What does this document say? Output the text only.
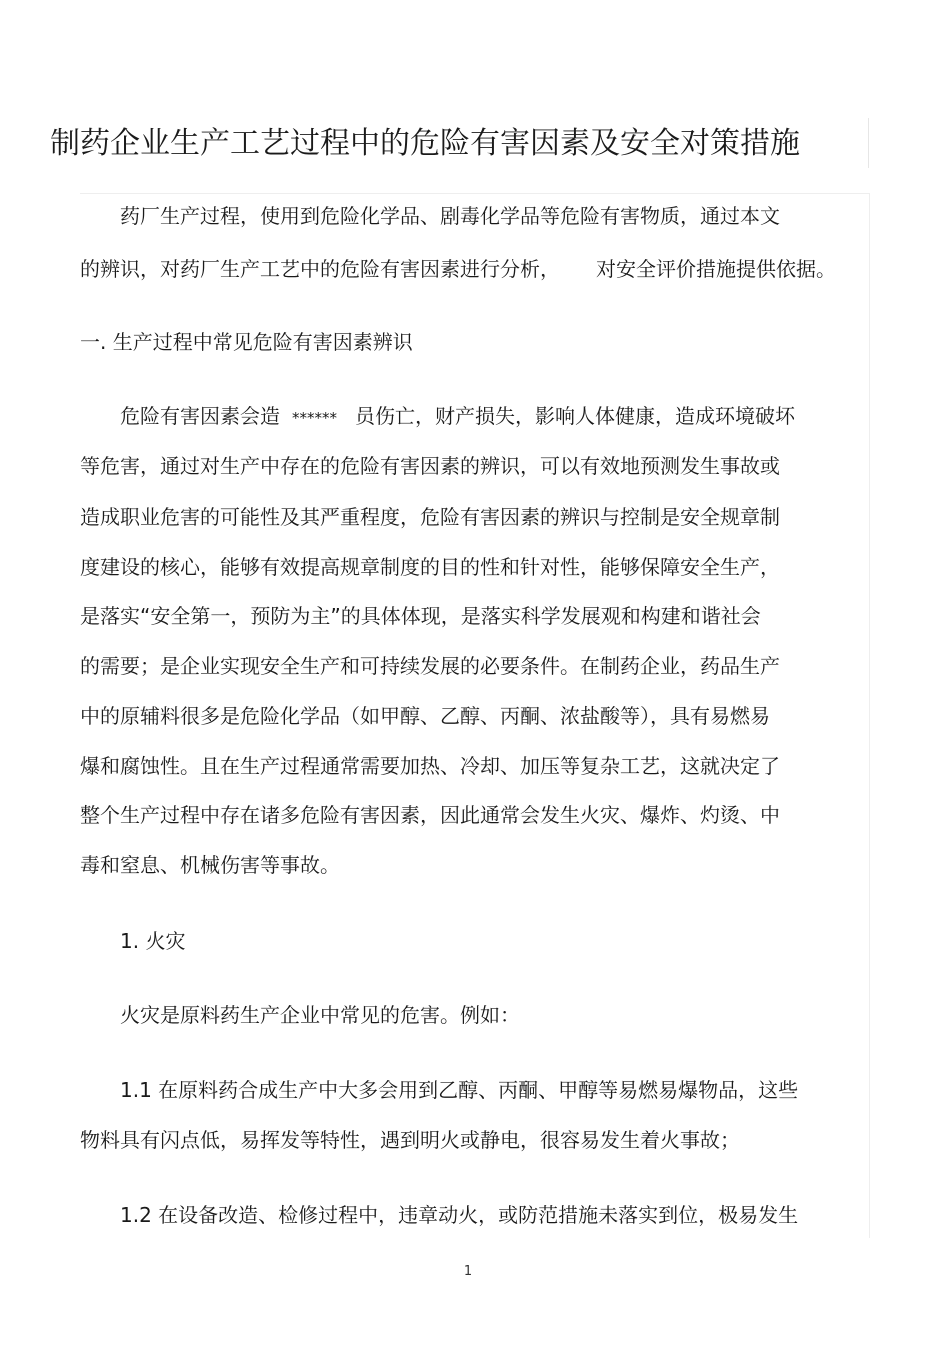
制药企业生产工艺过程中的危险有害因素及安全对策措施

药厂生产过程，使用到危险化学品、剧毒化学品等危险有害物质，通过本文

的辨识，对药厂生产工艺中的危险有害因素进行分析， 对安全评价措施提供依据。

一. 生产过程中常见危险有害因素辨识

危险有害因素会造 ****** 员伤亡，财产损失，影响人体健康，造成环境破坏

等危害，通过对生产中存在的危险有害因素的辨识，可以有效地预测发生事故或

造成职业危害的可能性及其严重程度，危险有害因素的辨识与控制是安全规章制

度建设的核心，能够有效提高规章制度的目的性和针对性，能够保障安全生产，

是落实“安全第一，预防为主”的具体体现，是落实科学发展观和构建和谐社会

的需要；是企业实现安全生产和可持续发展的必要条件。在制药企业，药品生产

中的原辅料很多是危险化学品（如甲醇、乙醇、丙酮、浓盐酸等），具有易燃易

爆和腐蚀性。且在生产过程通常需要加热、冷却、加压等复杂工艺，这就决定了

整个生产过程中存在诸多危险有害因素，因此通常会发生火灾、爆炸、灼烫、中

毒和窒息、机械伤害等事故。

1. 火灾

火灾是原料药生产企业中常见的危害。例如：

1.1 在原料药合成生产中大多会用到乙醇、丙酮、甲醇等易燃易爆物品，这些

物料具有闪点低，易挥发等特性，遇到明火或静电，很容易发生着火事故；

1.2 在设备改造、检修过程中，违章动火，或防范措施未落实到位，极易发生

1
